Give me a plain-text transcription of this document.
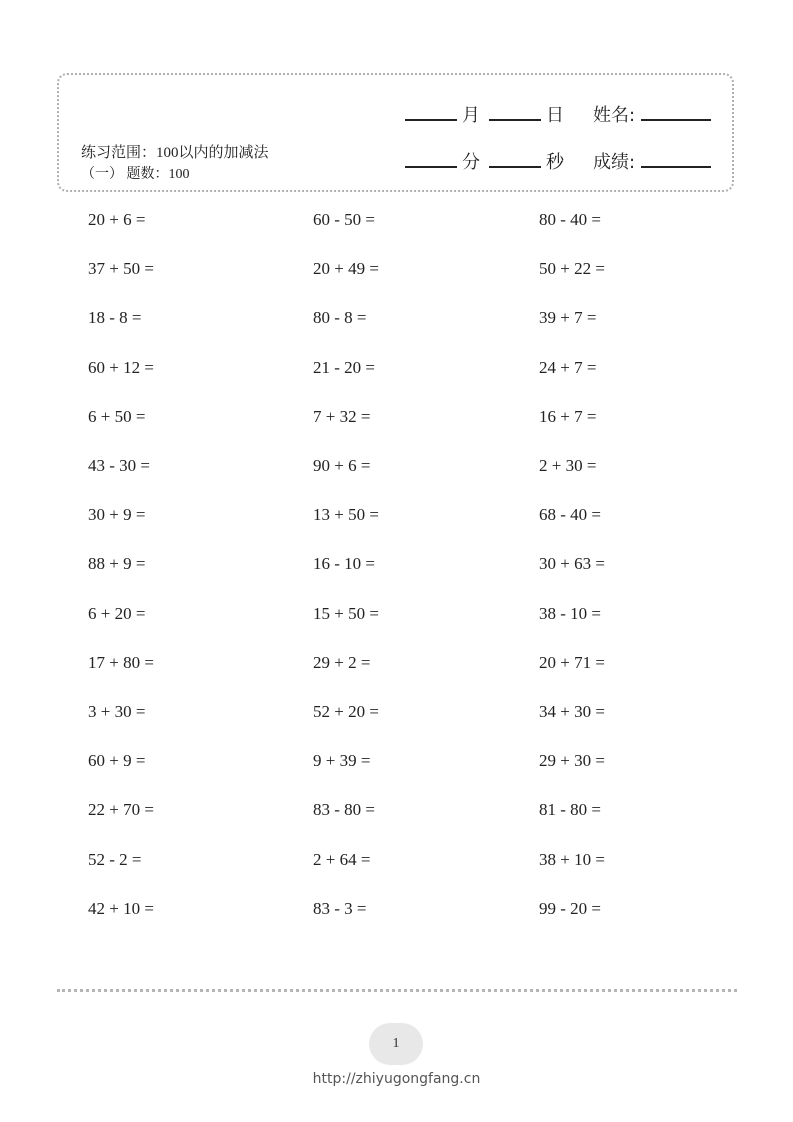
练习范围：100以内的加减法
（一） 题数：100
月	日 姓名:
分	秒 成绩:
20 + 6 =	60 - 50 =	80 - 40 =
37 + 50 =	20 + 49 =	50 + 22 =
18 - 8 =	80 - 8 =	39 + 7 =
60 + 12 =	21 - 20 =	24 + 7 =
6 + 50 =	7 + 32 =	16 + 7 =
43 - 30 =	90 + 6 =	2 + 30 =
30 + 9 =	13 + 50 =	68 - 40 =
88 + 9 =	16 - 10 =	30 + 63 =
6 + 20 =	15 + 50 =	38 - 10 =
17 + 80 =	29 + 2 =	20 + 71 =
3 + 30 =	52 + 20 =	34 + 30 =
60 + 9 =	9 + 39 =	29 + 30 =
22 + 70 =	83 - 80 =	81 - 80 =
52 - 2 =	2 + 64 =	38 + 10 =
42 + 10 =	83 - 3 =	99 - 20 =
1
http://zhiyugongfang.cn
